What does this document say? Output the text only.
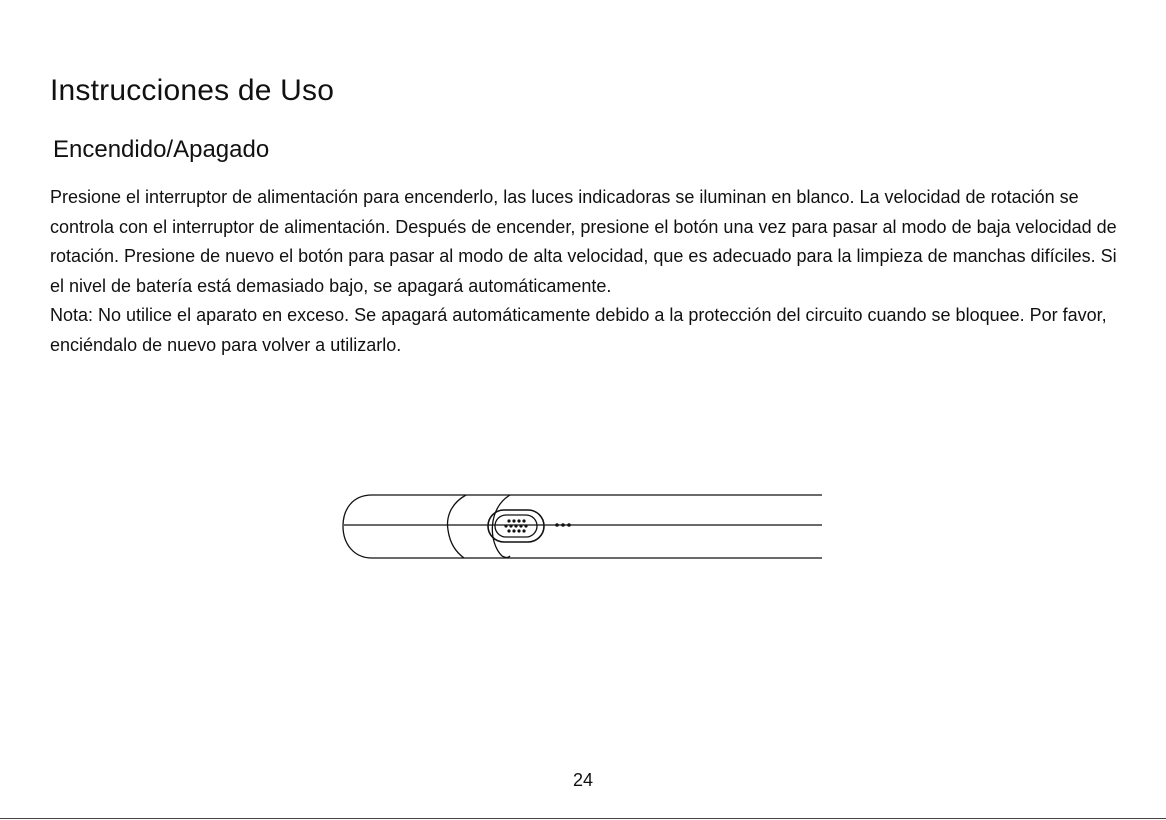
Instrucciones de Uso
Encendido/Apagado

Presione el interruptor de alimentación para encenderlo, las luces indicadoras se iluminan en blanco. La velocidad de rotación se controla con el interruptor de alimentación. Después de encender, presione el botón una vez para pasar al modo de baja velocidad de rotación. Presione de nuevo el botón para pasar al modo de alta velocidad, que es adecuado para la limpieza de manchas difíciles. Si el nivel de batería está demasiado bajo, se apagará automáticamente.

Nota: No utilice el aparato en exceso. Se apagará automáticamente debido a la protección del circuito cuando se bloquee. Por favor, enciéndalo de nuevo para volver a utilizarlo.

24
